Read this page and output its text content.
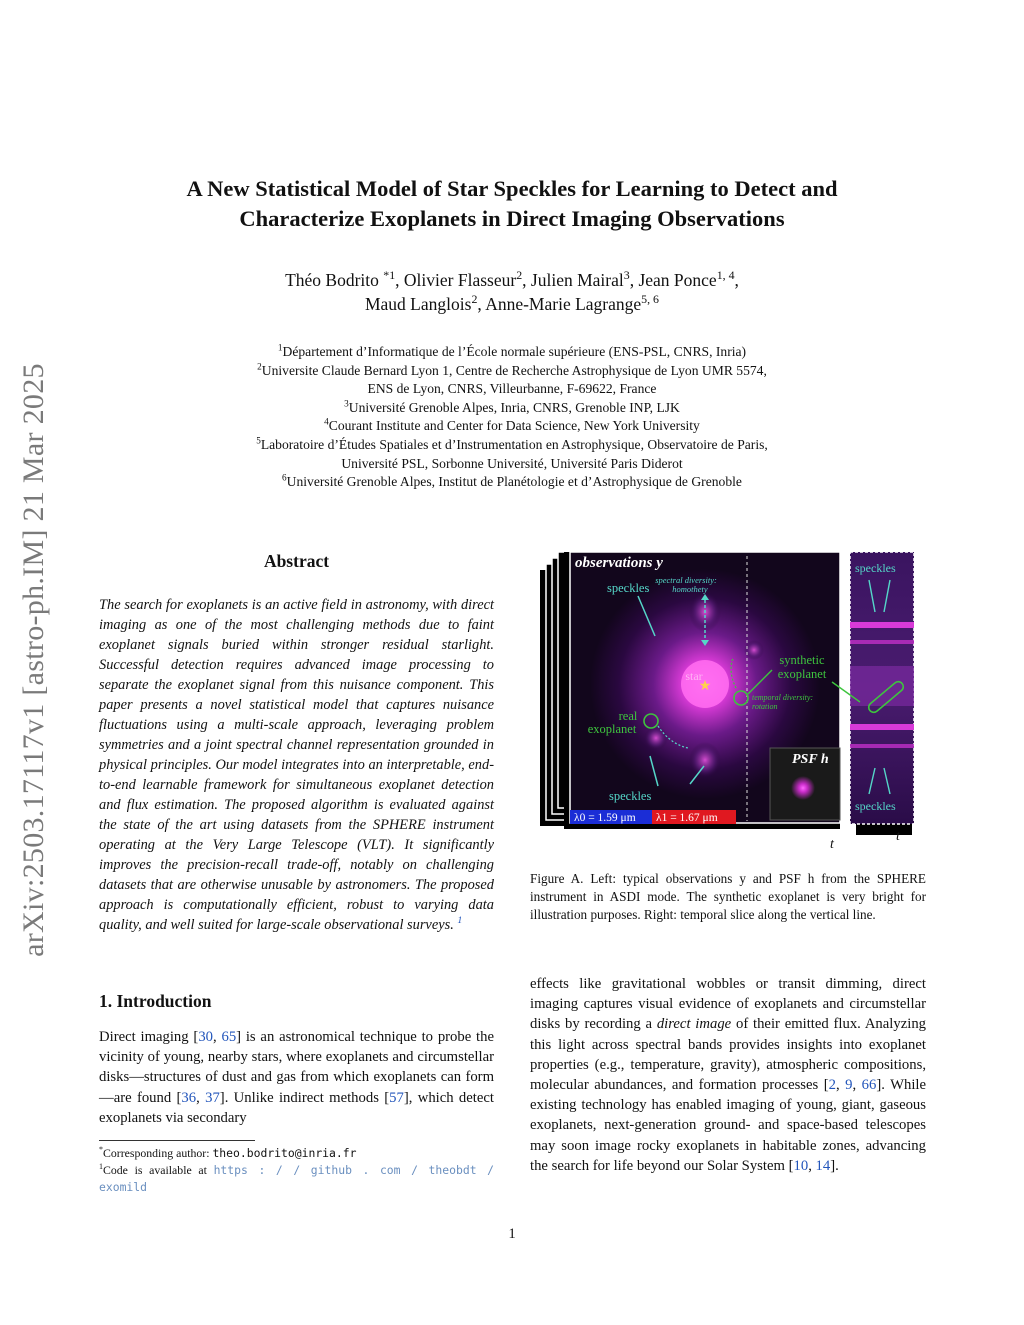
arXiv:2503.17117v1 [astro-ph.IM] 21 Mar 2025
A New Statistical Model of Star Speckles for Learning to Detect and
Characterize Exoplanets in Direct Imaging Observations
Théo Bodrito $^{*1}$, Olivier Flasseur$^2$, Julien Mairal$^3$, Jean Ponce$^{1, 4}$,
Maud Langlois$^2$, Anne-Marie Lagrange$^{5, 6}$
$^1$Département d’Informatique de l’École normale supérieure (ENS-PSL, CNRS, Inria)
$^2$Universite Claude Bernard Lyon 1, Centre de Recherche Astrophysique de Lyon UMR 5574,
ENS de Lyon, CNRS, Villeurbanne, F-69622, France
$^3$Université Grenoble Alpes, Inria, CNRS, Grenoble INP, LJK
$^4$Courant Institute and Center for Data Science, New York University
$^5$Laboratoire d’Études Spatiales et d’Instrumentation en Astrophysique, Observatoire de Paris,
Université PSL, Sorbonne Université, Université Paris Diderot
$^6$Université Grenoble Alpes, Institut de Planétologie et d’Astrophysique de Grenoble
Abstract
The search for exoplanets is an active field in astronomy, with direct imaging as one of the most challenging methods due to faint exoplanet signals buried within stronger residual starlight. Successful detection requires advanced image processing to separate the exoplanet signal from this nuisance component. This paper presents a novel statistical model that captures nuisance fluctuations using a multi-scale approach, leveraging problem symmetries and a joint spectral channel representation grounded in physical principles. Our model integrates into an interpretable, end-to-end learnable framework for simultaneous exoplanet detection and flux estimation. The proposed algorithm is evaluated against the state of the art using datasets from the SPHERE instrument operating at the Very Large Telescope (VLT). It significantly improves the precision-recall trade-off, notably on challenging datasets that are otherwise unusable by astronomers. The proposed approach is computationally efficient, robust to varying data quality, and well suited for large-scale observational surveys. $^1$
1. Introduction
Direct imaging [30, 65] is an astronomical technique to probe the vicinity of young, nearby stars, where exoplanets and circumstellar disks—structures of dust and gas from which exoplanets can form—are found [36, 37]. Unlike indirect methods [57], which detect exoplanets via secondary
*Corresponding author: theo.bodrito@inria.fr
$^1$Code is available at https : / / github . com / theobdt /
exomild
★
star
observations y
speckles
spectral diversity:
homothety
synthetic
exoplanet
temporal diversity:
rotation
real
exoplanet
speckles
PSF h
λ0 = 1.59 μm λ1 = 1.67 μm
t
speckles
speckles
t
Figure A. Left: typical observations y and PSF h from the SPHERE instrument in ASDI mode. The synthetic exoplanet is very bright for illustration purposes. Right: temporal slice along the vertical line.
effects like gravitational wobbles or transit dimming, direct imaging captures visual evidence of exoplanets and circumstellar disks by recording a direct image of their emitted flux. Analyzing this light across spectral bands provides insights into exoplanet properties (e.g., temperature, gravity), atmospheric compositions, molecular abundances, and formation processes [2, 9, 66]. While existing technology has enabled imaging of young, giant, gaseous exoplanets, next-generation ground- and space-based telescopes may soon image rocky exoplanets in habitable zones, advancing the search for life beyond our Solar System [10, 14].
1
